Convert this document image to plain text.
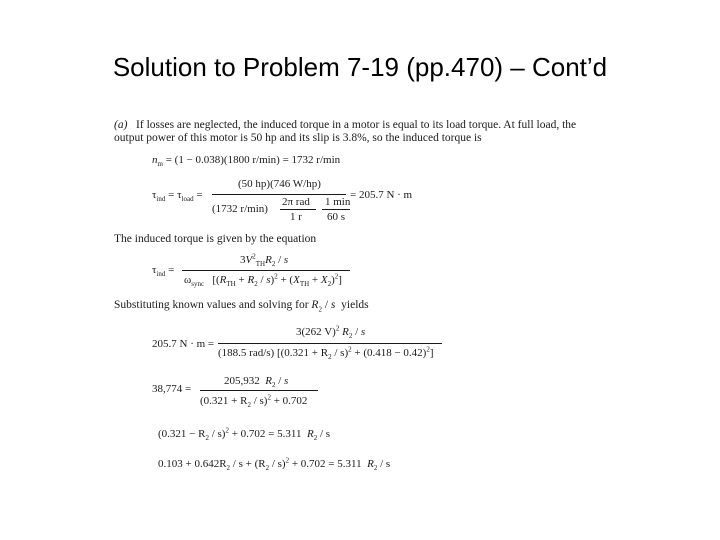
Solution to Problem 7-19 (pp.470) – Cont’d
(a) If losses are neglected, the induced torque in a motor is equal to its load torque. At full load, the
output power of this motor is 50 hp and its slip is 3.8%, so the induced torque is
$n_m = (1 - 0.038)(1800$ r/min) = 1732 r/min
$\tau_{ind} = \tau_{load}$ =
(50 hp)(746 W/hp)
(1732 r/min)
2π rad
1 r
1 min
60 s
= 205.7 N · m
The induced torque is given by the equation
$\tau_{ind}$ =
$3V^2_{TH}R_2$ / s
$\omega_{sync}$   $[(R_{TH} + R_2 / s)^2 + (X_{TH} + X_2)^2]$
Substituting known values and solving for $R_2$ / s yields
205.7 N · m =
3(262 V)$^2$ $R_2$ / s
(188.5 rad/s) $[(0.321 + R_2 / s)^2 + (0.418 - 0.42)^2]$
38,774 =
205,932 $R_2$ / s
$(0.321 + R_2 / s)^2 + 0.702$
$(0.321 - R_2 / s)^2 + 0.702 = 5.311$ $R_2$ / s
$0.103 + 0.642R_2 / s + (R_2 / s)^2 + 0.702 = 5.311$ $R_2$ / s
